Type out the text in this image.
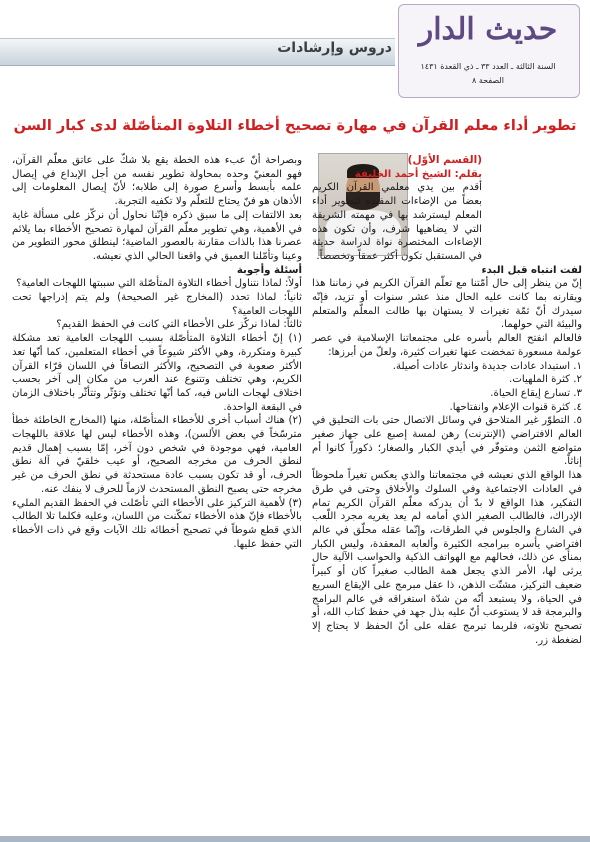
دروس وإرشادات
حديث الدار
السنة الثالثة ـ العدد ٣٣ ـ ذي القعدة ١٤٣١
الصفحة ٨
تطوير أداء معلم القرآن في مهارة تصحيح أخطاء التلاوة المتأصّلة لدى كبار السن

(القسم الأوّل)

بقلم: الشيخ أحمد الخليفة

أقدم بين يدي معلمي القرآن الكريم بعضاً من الإضاءات المفيدة لتطوير أداء المعلم ليسترشد بها في مهمته الشريفة التي لا يضاهيها شرف، وأن تكون هذه الإضاءات المختصرة نواة لدراسة حديثة في المستقبل تكون أكثر عمقاً وتخصصاً.

لفت انتباه قبل البدء

إنّ من ينظر إلى حال أمّتنا مع تعلّم القرآن الكريم في زماننا هذا ويقارنه بما كانت عليه الحال منذ عشر سنوات أو تزيد، فإنّه سيدرك أنّ ثمّة تغيرات لا يستهان بها طالت المعلّم والمتعلم والبيئة التي حولهما.

فالعالم انفتح العالم بأسره على مجتمعاتنا الإسلامية في عصر عولمة مسعورة تمخضت عنها تغيرات كثيرة، ولعلّ من أبرزها:

١. استبداد عادات جديدة واندثار عادات أصيلة.

٢. كثرة الملهيات.

٣. تسارع إيقاع الحياة.

٤. كثرة قنوات الإعلام وانفتاحها.

٥. التطوّر غير المتلاحق في وسائل الاتصال حتى بات التحليق في العالم الافتراضي (الإنترنت) رهن لمسة إصبع على جهاز صغير متواضع الثمن ومتوفّر في أيدي الكبار والصغار؛ ذكوراً كانوا أم إناثاً.

هذا الواقع الذي نعيشه في مجتمعاتنا والذي يعكس تغيراً ملحوظاً في العادات الاجتماعية وفي السلوك والأخلاق وحتى في طرق التفكير، هذا الواقع لا بدّ أن يدركه معلّم القرآن الكريم تمام الإدراك، فالطالب الصغير الذي أمامه لم يعد يغريه مجرد اللّعب في الشارع والجلوس في الطرقات، وإنّما عقله محلّق في عالم افتراضي يأسره ببرامجه الكثيرة وألعابه المعقدة، وليس الكبار بمنأى عن ذلك، فحالهم مع الهواتف الذكية والحواسب الآلية حال يرثى لها، الأمر الذي يجعل همة الطالب صغيراً كان أو كبيراً ضعيف التركيز، مشتّت الذهن، ذا عقل مبرمج على الإيقاع السريع في الحياة، ولا يستبعد أنّه من شدّة استغراقه في عالم البرامج والبرمجة قد لا يستوعب أنّ عليه بذل جهد في حفظ كتاب الله، أو تصحيح تلاوته، فلربما تبرمج عقله على أنّ الحفظ لا يحتاج إلا لضغطة زر.

وبصراحة أنّ عبء هذه الخطة يقع بلا شكّ على عاتق معلّم القرآن، فهو المعنيّ وحده بمحاولة تطوير نفسه من أجل الإبداع في إيصال علمه بأبسط وأسرع صورة إلى طلابه؛ لأنّ إيصال المعلومات إلى الأذهان هو فنّ يحتاج للتعلّم ولا تكفيه التجربة.

بعد الالتفات إلى ما سبق ذكره فإنّنا نحاول أن نركّز على مسألة غاية في الأهمية، وهي تطوير معلّم القرآن لمهارة تصحيح الأخطاء بما يلائم عصرنا هذا بالذات مقارنة بالعصور الماضية؛ لينطلق محور التطوير من وعينا وتأمّلنا العميق في واقعنا الحالي الذي نعيشه.

أسئلة وأجوبة

أولاً: لماذا نتناول أخطاء التلاوة المتأصّلة التي سببتها اللهجات العامية؟

ثانياً: لماذا تحدد (المخارج غير الصحيحة) ولم يتم إدراجها تحت اللهجات العامية؟

ثالثاً: لماذا نركّز على الأخطاء التي كانت في الحفظ القديم؟

(١) إنّ أخطاء التلاوة المتأصّلة بسبب اللهجات العامية تعد مشكلة كبيرة ومتكررة، وهي الأكثر شيوعاً في أخطاء المتعلمين، كما أنّها تعد الأكثر صعوبة في التصحيح، والأكثر التصاقاً في اللسان قرّاء القرآن الكريم، وهي تختلف وتتنوع عند العرب من مكان إلى آخر بحسب اختلاف لهجات الناس فيه، كما أنّها تختلف وتؤثّر وتتأثّر باختلاف الزمان في البقعة الواحدة.

(٢) هناك أسباب أخرى للأخطاء المتأصّلة، منها (المخارج الخاطئة خطأ مترسّخاً في بعض الألسن)، وهذه الأخطاء ليس لها علاقة باللهجات العامية، فهي موجودة في شخص دون آخر، إمّا بسبب إهمال قديم لنطق الحرف من مخرجه الصحيح، أو عيب خلقيّ في آلة نطق الحرف، أو قد تكون بسبب عادة مستحدثة في نطق الحرف من غير مخرجه حتى يصبح النطق المستحدث لازماً للحرف لا ينفك عنه.

(٣) لأهمية التركيز على الأخطاء التي تأصّلت في الحفظ القديم المليء بالأخطاء فإنّ هذه الأخطاء تمكّنت من اللسان، وعليه فكلما تلا الطالب الذي قطع شوطاً في تصحيح أخطائه تلك الآيات وقع في ذات الأخطاء التي حفظ عليها.
